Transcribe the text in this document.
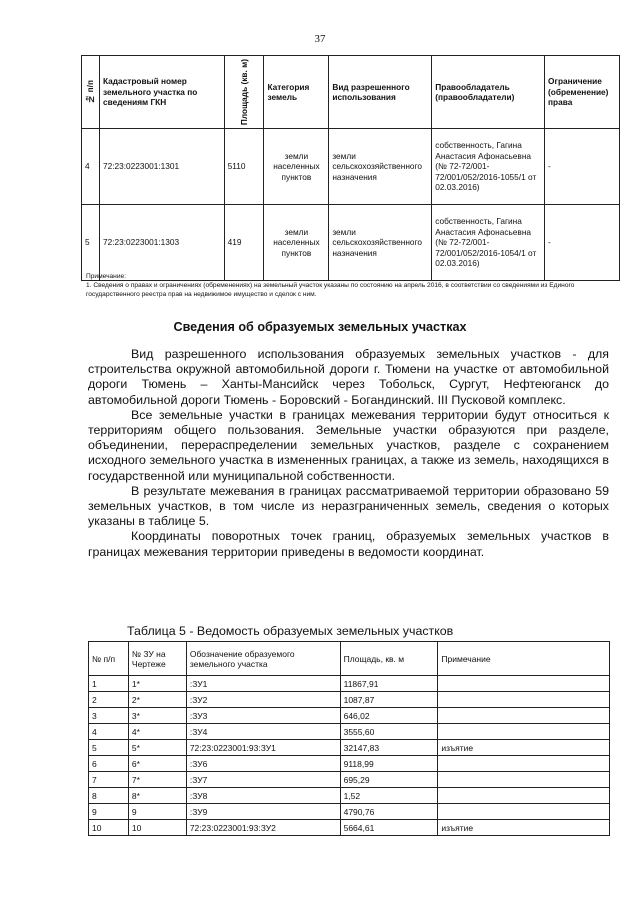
37
№ п/п	Кадастровый номер земельного участка по сведениям ГКН	Площадь (кв. м)	Категория земель	Вид разрешенного использования	Правообладатель (правообладатели)	Ограничение (обременение) права
4	72:23:0223001:1301	5110	земли населенных пунктов	земли сельскохозяйственного назначения	собственность, Гагина Анастасия Афонасьевна (№ 72-72/001-72/001/052/2016-1055/1 от 02.03.2016)	-
5	72:23:0223001:1303	419	земли населенных пунктов	земли сельскохозяйственного назначения	собственность, Гагина Анастасия Афонасьевна (№ 72-72/001-72/001/052/2016-1054/1 от 02.03.2016)	-
Примечание:
1. Сведения о правах и ограничениях (обременениях) на земельный участок указаны по состоянию на апрель 2016, в соответствии со сведениями из Единого государственного реестра прав на недвижимое имущество и сделок с ним.
Сведения об образуемых земельных участках

Вид разрешенного использования образуемых земельных участков - для строительства окружной автомобильной дороги г. Тюмени на участке от автомобильной дороги Тюмень – Ханты-Мансийск через Тобольск, Сургут, Нефтеюганск до автомобильной дороги Тюмень - Боровский - Богандинский. III Пусковой комплекс.

Все земельные участки в границах межевания территории будут относиться к территориям общего пользования. Земельные участки образуются при разделе, объединении, перераспределении земельных участков, разделе с сохранением исходного земельного участка в измененных границах, а также из земель, находящихся в государственной или муниципальной собственности.

В результате межевания в границах рассматриваемой территории образовано 59 земельных участков, в том числе из неразграниченных земель, сведения о которых указаны в таблице 5.

Координаты поворотных точек границ, образуемых земельных участков в границах межевания территории приведены в ведомости координат.

Таблица 5 - Ведомость образуемых земельных участков
№ п/п	№ ЗУ на Чертеже	Обозначение образуемого земельного участка	Площадь, кв. м	Примечание
1	1*	:ЗУ1	11867,91	
2	2*	:ЗУ2	1087,87	
3	3*	:ЗУ3	646,02	
4	4*	:ЗУ4	3555,60	
5	5*	72:23:0223001:93:ЗУ1	32147,83	изъятие
6	6*	:ЗУ6	9118,99	
7	7*	:ЗУ7	695,29	
8	8*	:ЗУ8	1,52	
9	9	:ЗУ9	4790,76	
10	10	72:23:0223001:93:ЗУ2	5664,61	изъятие
